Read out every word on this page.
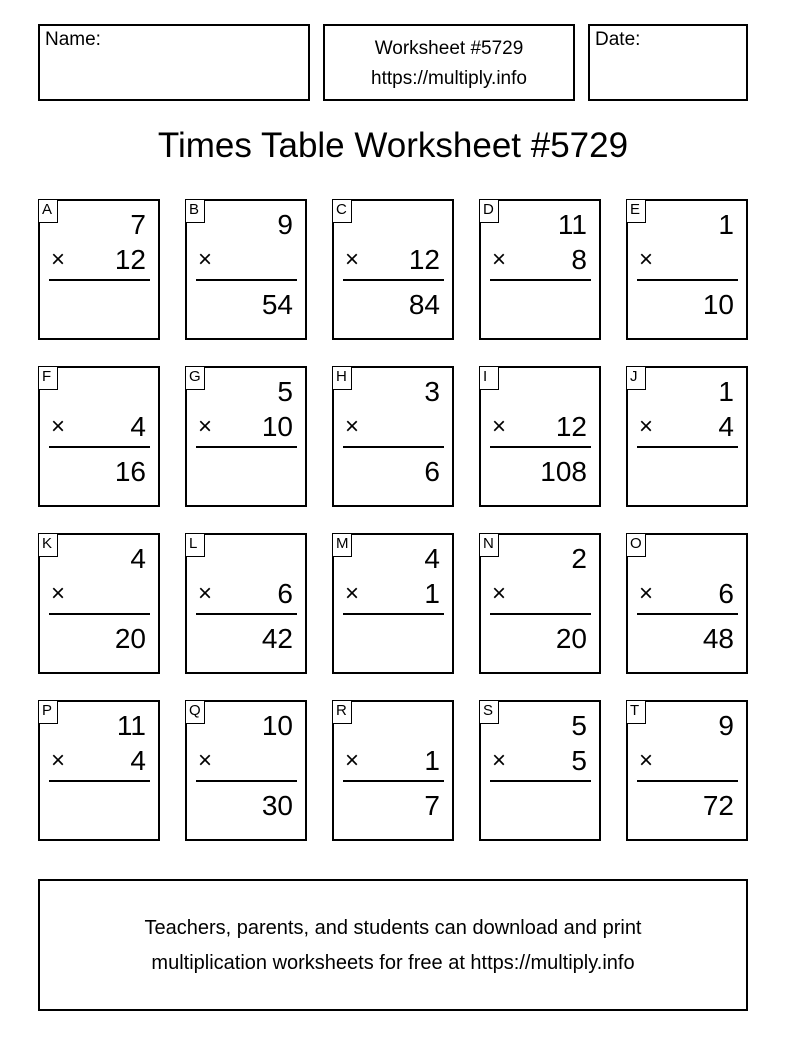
Name:	Worksheet #5729
https://multiply.info
Date:
Times Table Worksheet #5729
A	7
× 12
B	9
×
54
C
× 12
84
D 11
× 8
E	1
×
10
F
× 4
16
G	5
× 10
H	3
×
6
I
× 12
108
J	1
× 4
K	4
×
20
L
× 6
42
M	4
× 1
N	2
×
20
O
× 6
48
P 11
× 4
Q 10
×
30
R
× 1
7
S	5
× 5
T	9
×
72
Teachers, parents, and students can download and print
multiplication worksheets for free at https://multiply.info
